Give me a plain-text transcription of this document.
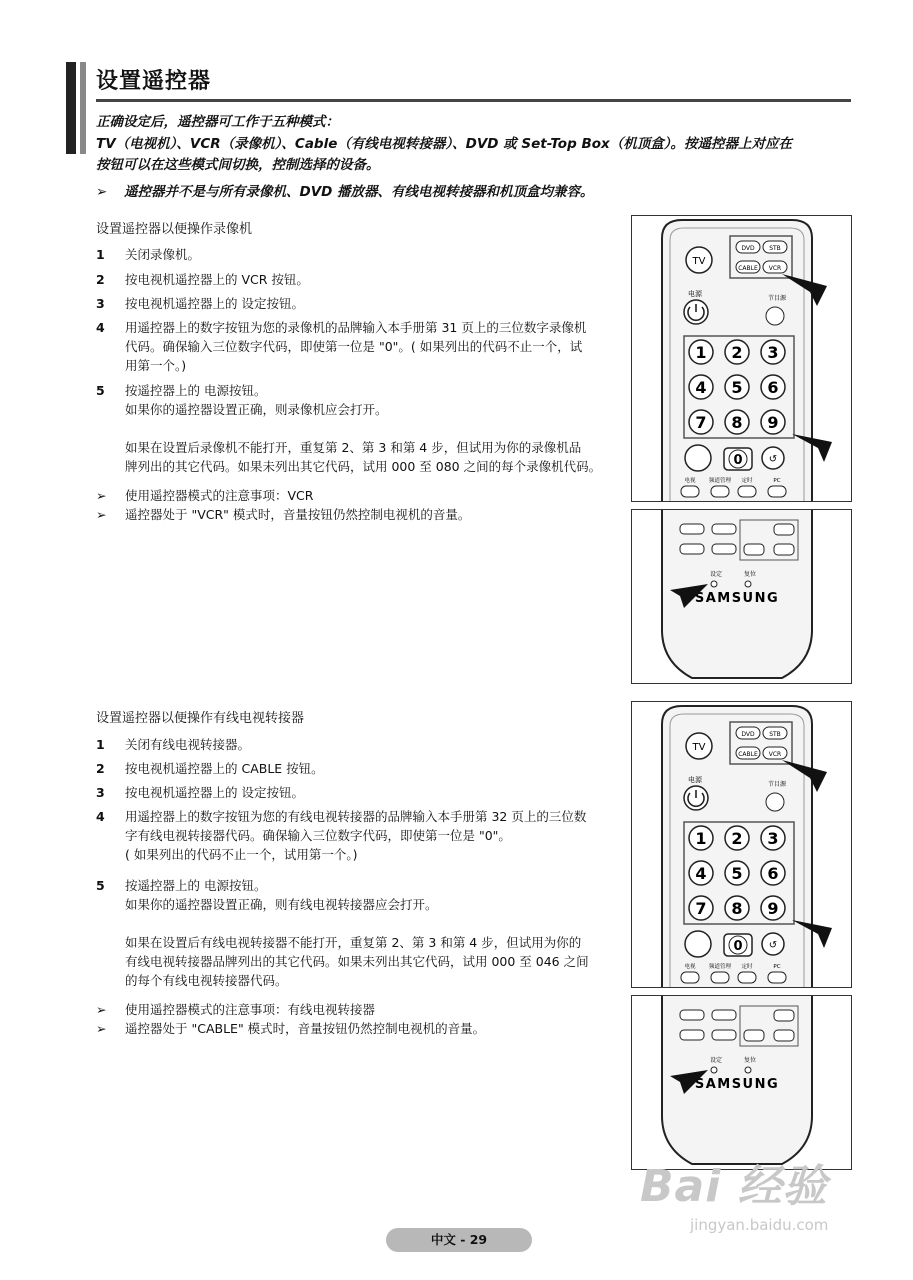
设置遥控器
正确设定后，遥控器可工作于五种模式：
TV（电视机）、VCR（录像机）、Cable（有线电视转接器）、DVD 或 Set-Top Box（机顶盒）。按遥控器上对应在
按钮可以在这些模式间切换，控制选择的设备。
➢ 遥控器并不是与所有录像机、DVD 播放器、有线电视转接器和机顶盒均兼容。
设置遥控器以便操作录像机
1 关闭录像机。
2 按电视机遥控器上的 VCR 按钮。
3 按电视机遥控器上的 设定按钮。
4 用遥控器上的数字按钮为您的录像机的品牌输入本手册第 31 页上的三位数字录像机
代码。确保输入三位数字代码，即使第一位是 "0"。( 如果列出的代码不止一个，试
用第一个。)
5 按遥控器上的 电源按钮。
如果你的遥控器设置正确，则录像机应会打开。

如果在设置后录像机不能打开，重复第 2、第 3 和第 4 步，但试用为你的录像机品
牌列出的其它代码。如果未列出其它代码，试用 000 至 080 之间的每个录像机代码。
➢ 使用遥控器模式的注意事项：VCR
➢ 遥控器处于 "VCR" 模式时，音量按钮仍然控制电视机的音量。
设置遥控器以便操作有线电视转接器
1 关闭有线电视转接器。
2 按电视机遥控器上的 CABLE 按钮。
3 按电视机遥控器上的 设定按钮。
4 用遥控器上的数字按钮为您的有线电视转接器的品牌输入本手册第 32 页上的三位数
字有线电视转接器代码。确保输入三位数字代码，即使第一位是 "0"。
( 如果列出的代码不止一个，试用第一个。)
5 按遥控器上的 电源按钮。
如果你的遥控器设置正确，则有线电视转接器应会打开。

如果在设置后有线电视转接器不能打开，重复第 2、第 3 和第 4 步，但试用为你的
有线电视转接器品牌列出的其它代码。如果未列出其它代码，试用 000 至 046 之间
的每个有线电视转接器代码。
➢ 使用遥控器模式的注意事项：有线电视转接器
➢ 遥控器处于 "CABLE" 模式时，音量按钮仍然控制电视机的音量。
TV
DVD STB
CABLE VCR
电源
节目源
1 2 3
4 5 6
7 8 9
0	↺
电视 频道管理 定时	PC
设定	复位
SAMSUNG
TV
DVD STB
CABLE VCR
电源
节目源
1 2 3
4 5 6
7 8 9
0	↺
电视 频道管理 定时	PC
设定	复位
SAMSUNG
中文 - 29
Bai 经验
jingyan.baidu.com
